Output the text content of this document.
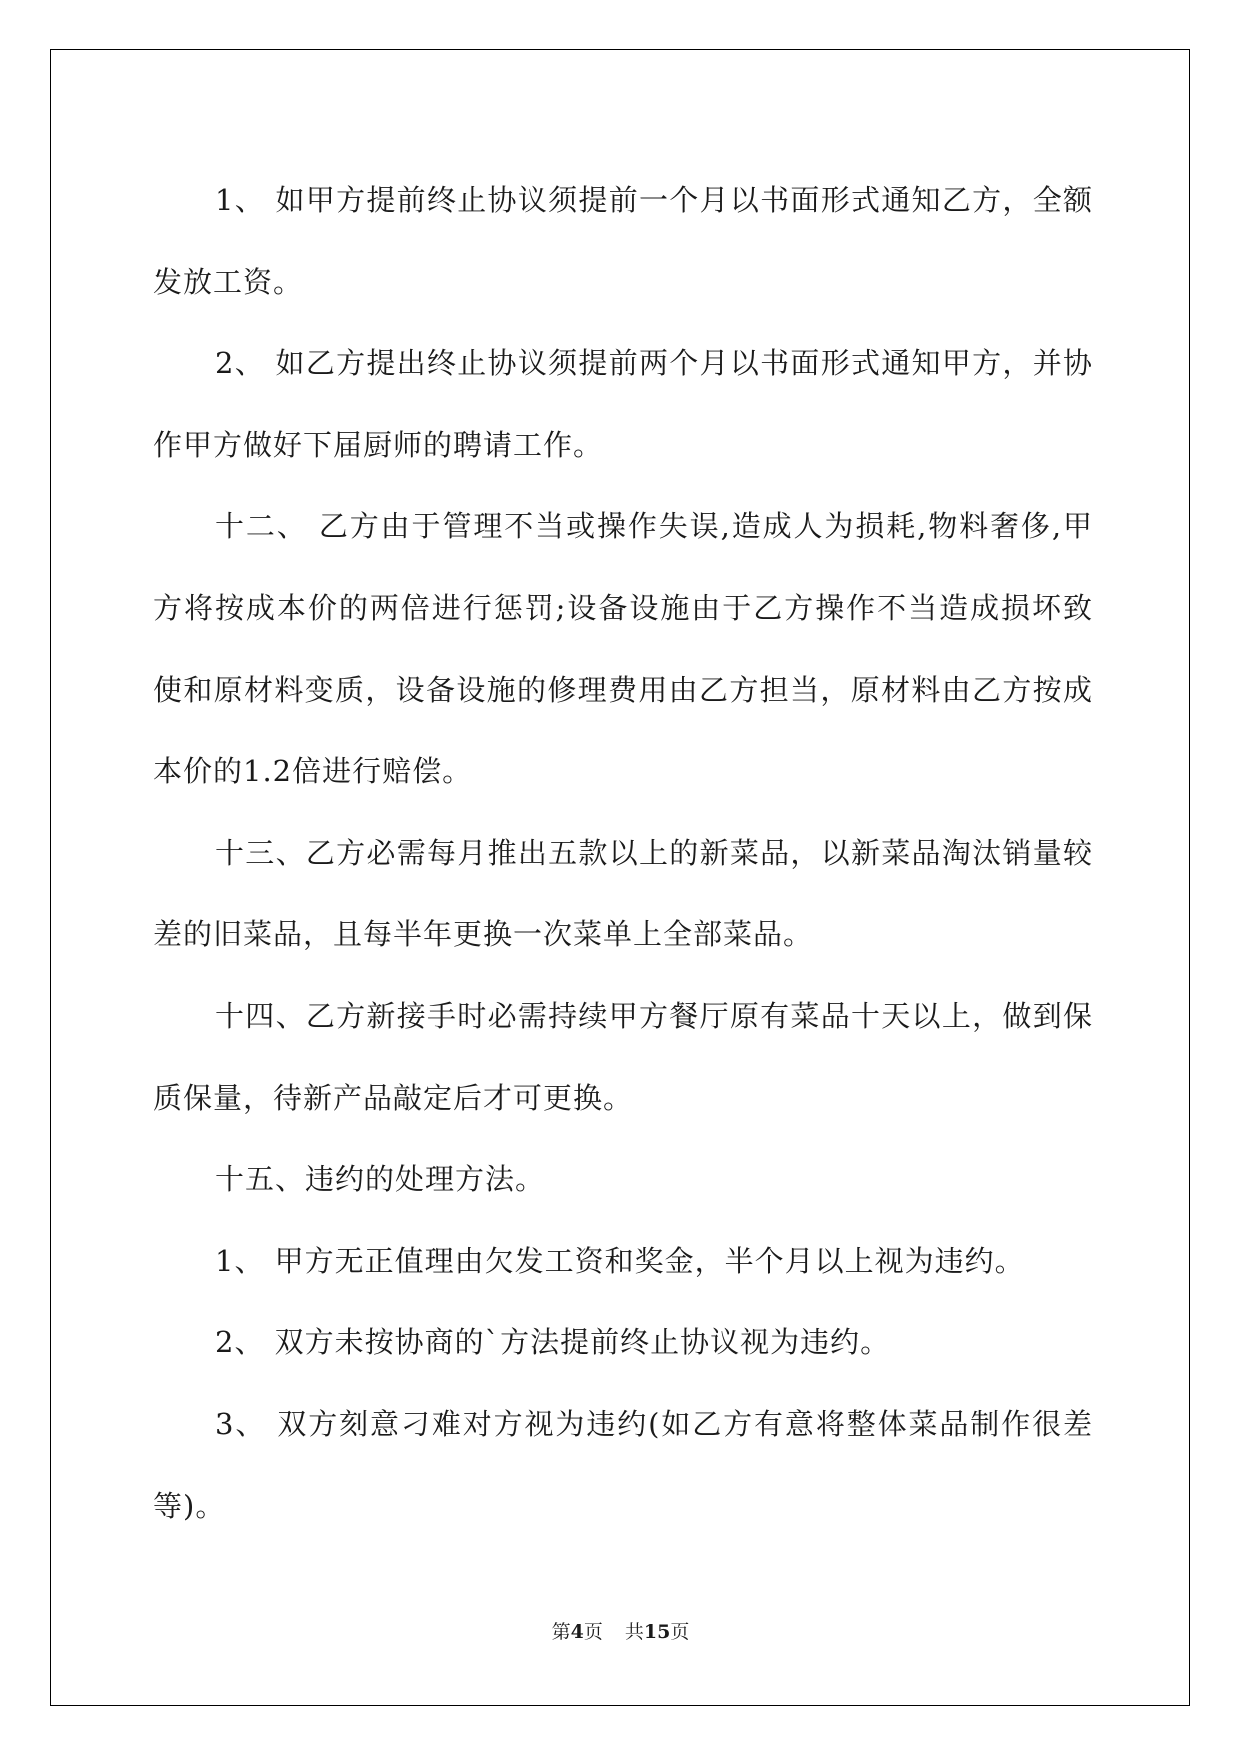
1、 如甲方提前终止协议须提前一个月以书面形式通知乙方，全额发放工资。

2、 如乙方提出终止协议须提前两个月以书面形式通知甲方，并协作甲方做好下届厨师的聘请工作。

十二、 乙方由于管理不当或操作失误,造成人为损耗,物料奢侈,甲方将按成本价的两倍进行惩罚;设备设施由于乙方操作不当造成损坏致使和原材料变质，设备设施的修理费用由乙方担当，原材料由乙方按成本价的1.2倍进行赔偿。

十三、乙方必需每月推出五款以上的新菜品，以新菜品淘汰销量较差的旧菜品，且每半年更换一次菜单上全部菜品。

十四、乙方新接手时必需持续甲方餐厅原有菜品十天以上，做到保质保量，待新产品敲定后才可更换。

十五、违约的处理方法。

1、 甲方无正值理由欠发工资和奖金，半个月以上视为违约。

2、 双方未按协商的`方法提前终止协议视为违约。

3、 双方刻意刁难对方视为违约(如乙方有意将整体菜品制作很差等)。

第4页 共15页
